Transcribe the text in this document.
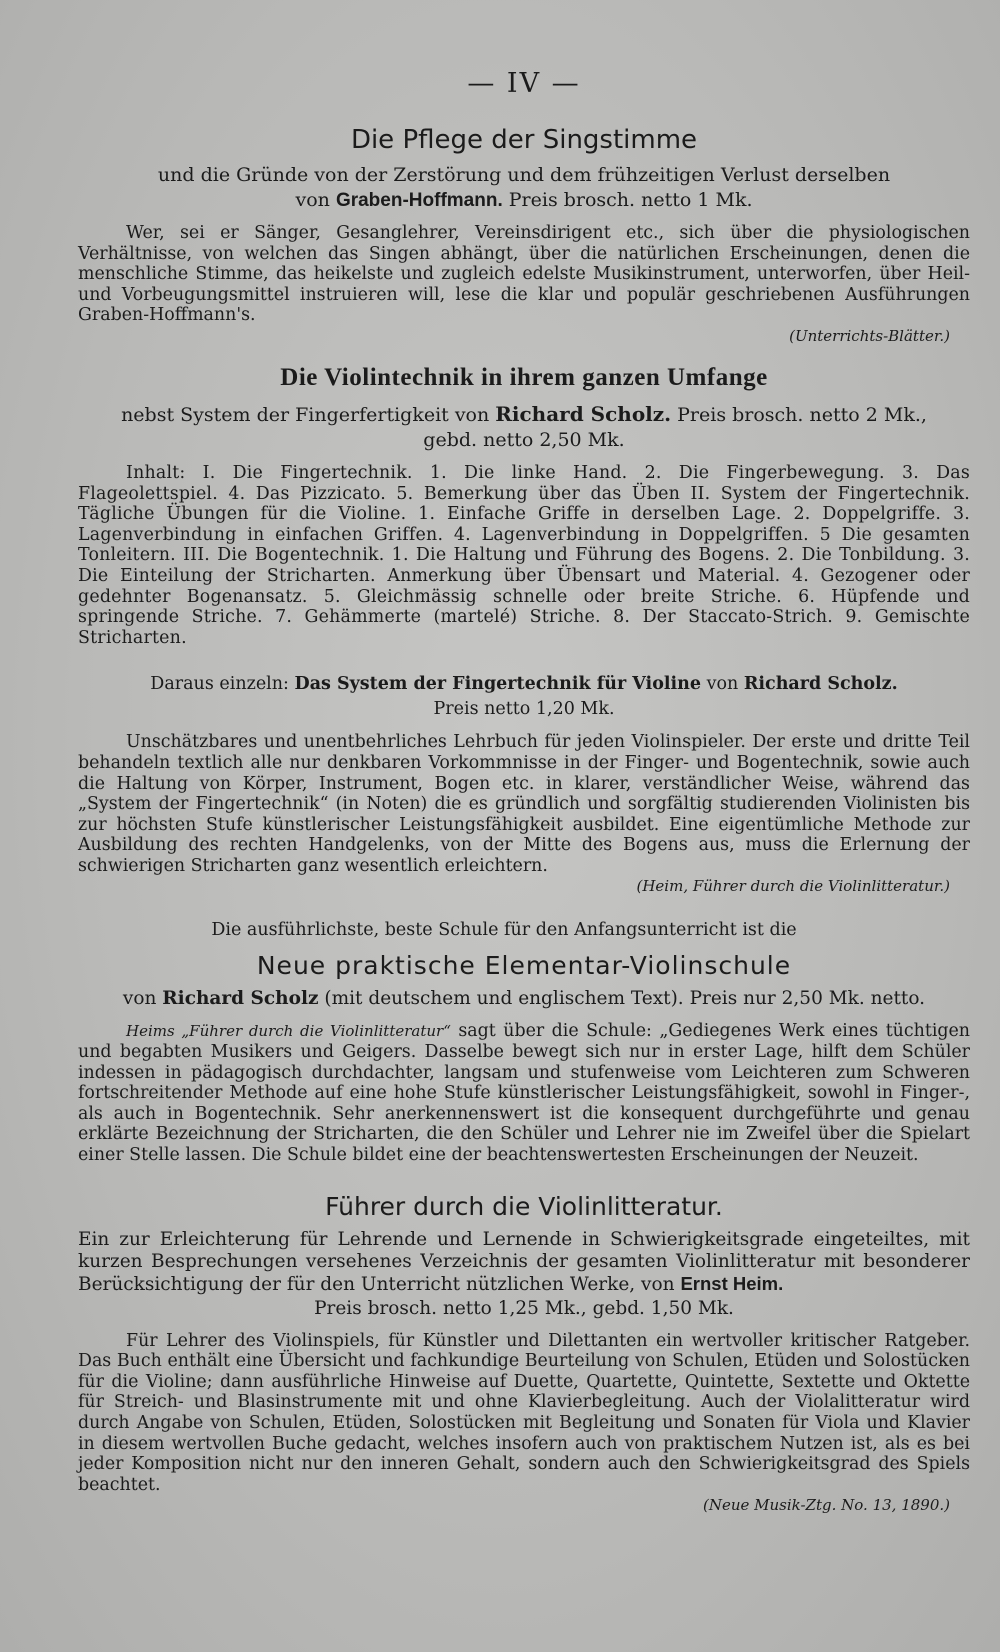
— IV —
Die Pflege der Singstimme

und die Gründe von der Zerstörung und dem frühzeitigen Verlust derselben
von Graben-Hoffmann. Preis brosch. netto 1 Mk.

Wer, sei er Sänger, Gesanglehrer, Vereinsdirigent etc., sich über die physiologischen Verhältnisse, von welchen das Singen abhängt, über die natürlichen Erscheinungen, denen die menschliche Stimme, das heikelste und zugleich edelste Musikinstrument, unterworfen, über Heil- und Vorbeugungsmittel instruieren will, lese die klar und populär geschriebenen Ausführungen Graben-Hoffmann's.

(Unterrichts-Blätter.)

Die Violintechnik in ihrem ganzen Umfange

nebst System der Fingerfertigkeit von Richard Scholz. Preis brosch. netto 2 Mk.,
gebd. netto 2,50 Mk.

Inhalt: I. Die Fingertechnik. 1. Die linke Hand. 2. Die Fingerbewegung. 3. Das Flageolettspiel. 4. Das Pizzicato. 5. Bemerkung über das Üben II. System der Fingertechnik. Tägliche Übungen für die Violine. 1. Einfache Griffe in derselben Lage. 2. Doppelgriffe. 3. Lagenverbindung in einfachen Griffen. 4. Lagenverbindung in Doppelgriffen. 5 Die gesamten Tonleitern. III. Die Bogentechnik. 1. Die Haltung und Führung des Bogens. 2. Die Tonbildung. 3. Die Einteilung der Stricharten. Anmerkung über Übensart und Material. 4. Gezogener oder gedehnter Bogenansatz. 5. Gleichmässig schnelle oder breite Striche. 6. Hüpfende und springende Striche. 7. Gehämmerte (martelé) Striche. 8. Der Staccato-Strich. 9. Gemischte Stricharten.

Daraus einzeln: Das System der Fingertechnik für Violine von Richard Scholz.
Preis netto 1,20 Mk.

Unschätzbares und unentbehrliches Lehrbuch für jeden Violinspieler. Der erste und dritte Teil behandeln textlich alle nur denkbaren Vorkommnisse in der Finger- und Bogentechnik, sowie auch die Haltung von Körper, Instrument, Bogen etc. in klarer, verständlicher Weise, während das „System der Fingertechnik“ (in Noten) die es gründlich und sorgfältig studierenden Violinisten bis zur höchsten Stufe künstlerischer Leistungsfähigkeit ausbildet. Eine eigentümliche Methode zur Ausbildung des rechten Handgelenks, von der Mitte des Bogens aus, muss die Erlernung der schwierigen Stricharten ganz wesentlich erleichtern.

(Heim, Führer durch die Violinlitteratur.)

Die ausführlichste, beste Schule für den Anfangsunterricht ist die

Neue praktische Elementar-Violinschule

von Richard Scholz (mit deutschem und englischem Text). Preis nur 2,50 Mk. netto.

Heims „Führer durch die Violinlitteratur“ sagt über die Schule: „Gediegenes Werk eines tüchtigen und begabten Musikers und Geigers. Dasselbe bewegt sich nur in erster Lage, hilft dem Schüler indessen in pädagogisch durchdachter, langsam und stufenweise vom Leichteren zum Schweren fortschreitender Methode auf eine hohe Stufe künstlerischer Leistungsfähigkeit, sowohl in Finger-, als auch in Bogentechnik. Sehr anerkennenswert ist die konsequent durchgeführte und genau erklärte Bezeichnung der Stricharten, die den Schüler und Lehrer nie im Zweifel über die Spielart einer Stelle lassen. Die Schule bildet eine der beachtenswertesten Erscheinungen der Neuzeit.

Führer durch die Violinlitteratur.

Ein zur Erleichterung für Lehrende und Lernende in Schwierigkeitsgrade eingeteiltes, mit kurzen Besprechungen versehenes Verzeichnis der gesamten Violinlitteratur mit besonderer Berücksichtigung der für den Unterricht nützlichen Werke, von Ernst Heim.

Preis brosch. netto 1,25 Mk., gebd. 1,50 Mk.

Für Lehrer des Violinspiels, für Künstler und Dilettanten ein wertvoller kritischer Ratgeber. Das Buch enthält eine Übersicht und fachkundige Beurteilung von Schulen, Etüden und Solostücken für die Violine; dann ausführliche Hinweise auf Duette, Quartette, Quintette, Sextette und Oktette für Streich- und Blasinstrumente mit und ohne Klavierbegleitung. Auch der Violalitteratur wird durch Angabe von Schulen, Etüden, Solostücken mit Begleitung und Sonaten für Viola und Klavier in diesem wertvollen Buche gedacht, welches insofern auch von praktischem Nutzen ist, als es bei jeder Komposition nicht nur den inneren Gehalt, sondern auch den Schwierigkeitsgrad des Spiels beachtet.

(Neue Musik-Ztg. No. 13, 1890.)
